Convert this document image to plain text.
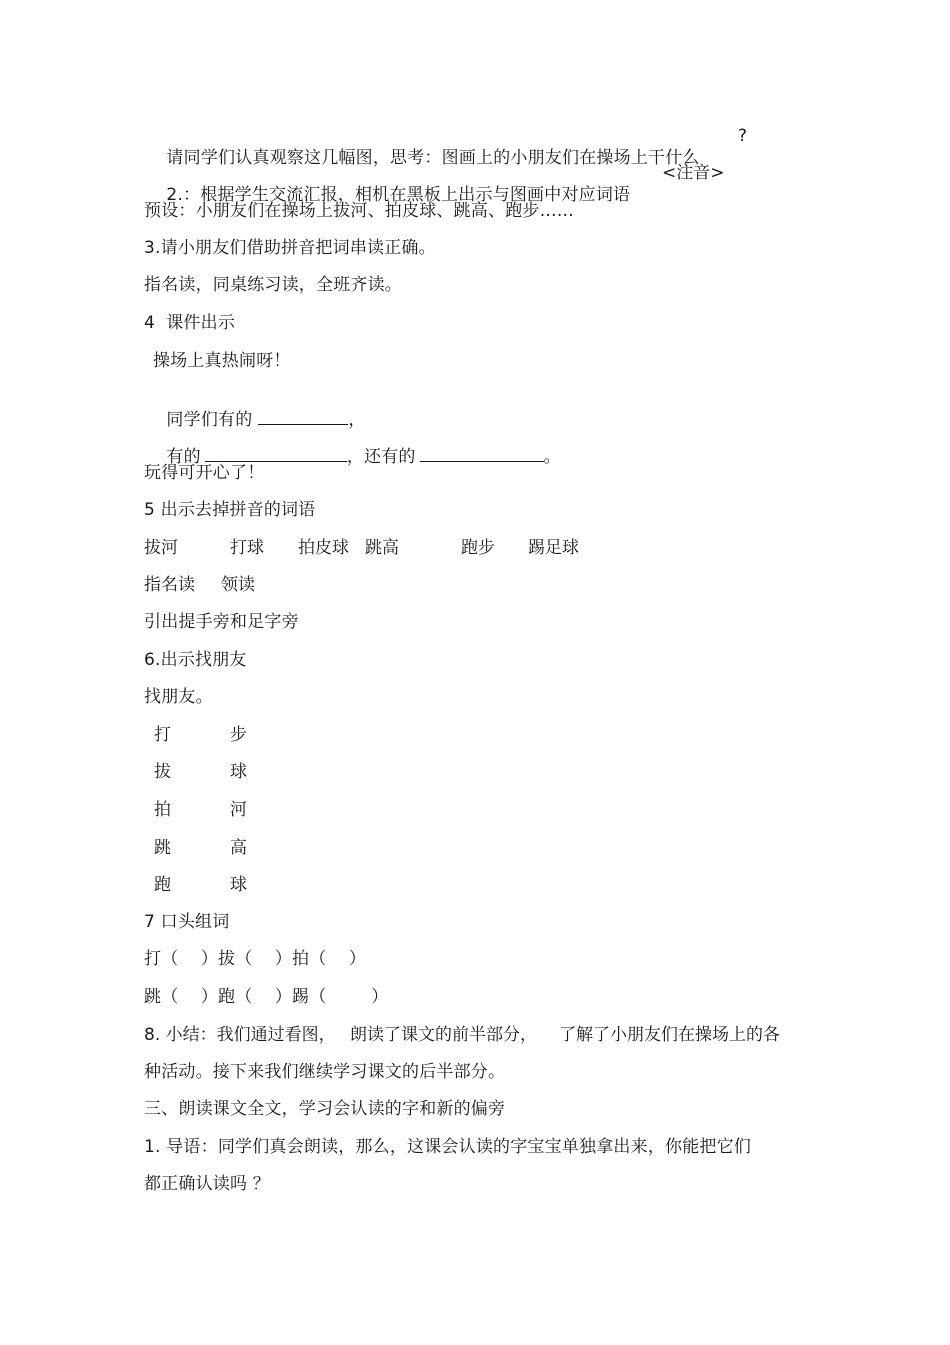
请同学们认真观察这几幅图，思考：图画上的小朋友们在操场上干什么

?

2.：根据学生交流汇报，相机在黑板上出示与图画中对应词语

<注音>
预设：小朋友们在操场上拔河、拍皮球、跳高、跑步……
3.请小朋友们借助拼音把词串读正确。
指名读，同桌练习读，全班齐读。
4  课件出示
操场上真热闹呀！

同学们有的	，

有的	，还有的	。

玩得可开心了！
5 出示去掉拼音的词语
拔河	打球 拍皮球 跳高	跑步 踢足球
指名读 领读
引出提手旁和足字旁
6.出示找朋友
找朋友。
打	步
拔	球
拍	河
跳	高
跑	球
7 口头组词
打（    ）拔（    ）拍（    ）
跳（    ）跑（    ）踢（        ）
8. 小结：我们通过看图， 朗读了课文的前半部分， 了解了小朋友们在操场上的各
种活动。接下来我们继续学习课文的后半部分。
三、朗读课文全文，学习会认读的字和新的偏旁
1. 导语：同学们真会朗读，那么，这课会认读的字宝宝单独拿出来，你能把它们
都正确认读吗 ？
